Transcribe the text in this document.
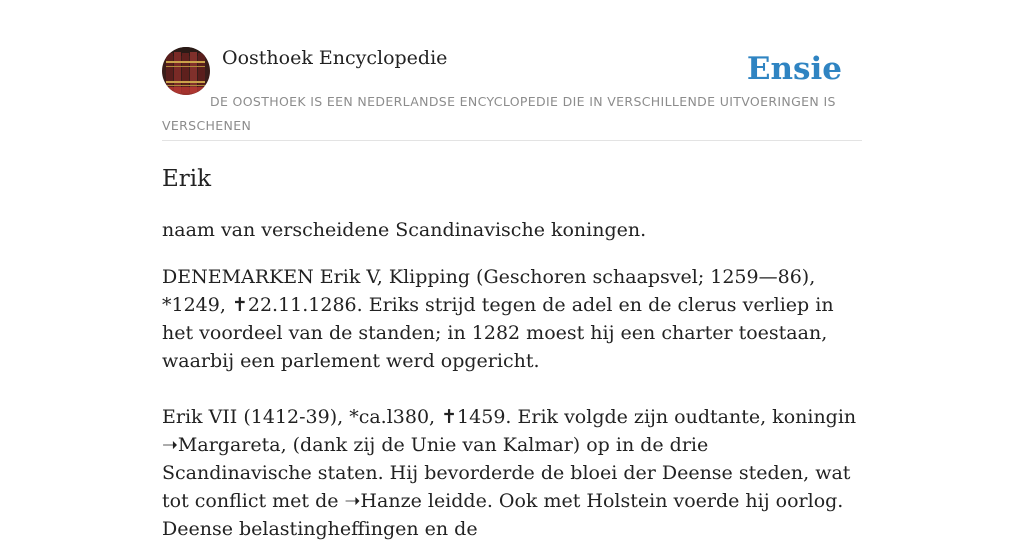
Oosthoek Encyclopedie	Ensie
DE OOSTHOEK IS EEN NEDERLANDSE ENCYCLOPEDIE DIE IN VERSCHILLENDE UITVOERINGEN IS VERSCHENEN
Erik

naam van verscheidene Scandinavische koningen.

DENEMARKEN Erik V, Klipping (Geschoren schaapsvel; 1259—86), *1249, ✝22.11.1286. Eriks strijd tegen de adel en de clerus verliep in het voordeel van de standen; in 1282 moest hij een charter toestaan, waarbij een parlement werd opgericht.

Erik VII (1412-39), *ca.l380, ✝1459. Erik volgde zijn oudtante, koningin ➝Margareta, (dank zij de Unie van Kalmar) op in de drie Scandinavische staten. Hij bevorderde de bloei der Deense steden, wat tot conflict met de ➝Hanze leidde. Ook met Holstein voerde hij oorlog. Deense belastingheffingen en de
